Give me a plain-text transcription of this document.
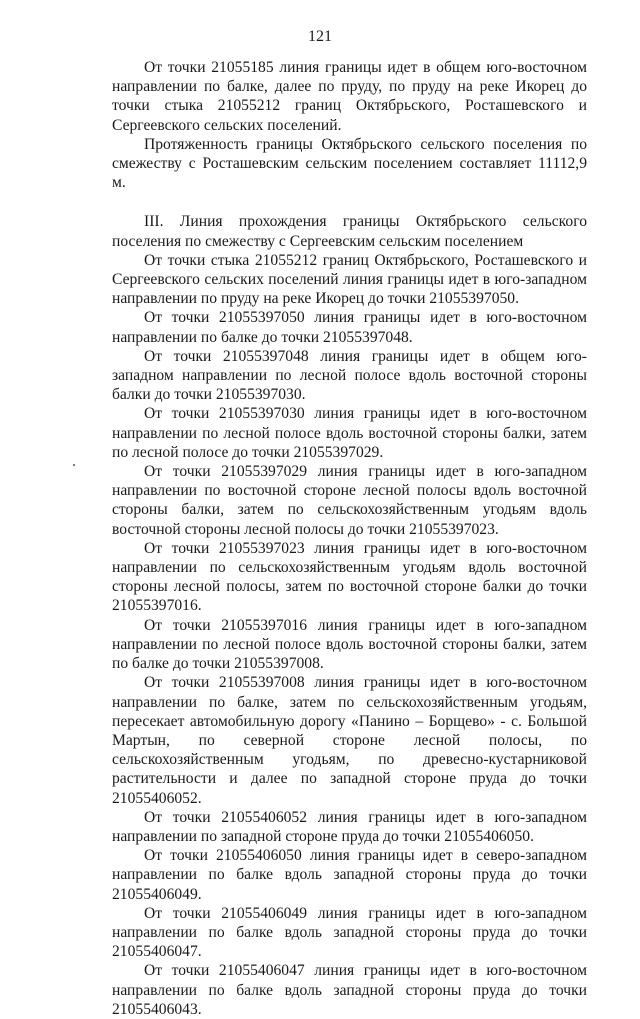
121

От точки 21055185 линия границы идет в общем юго-восточном направлении по балке, далее по пруду, по пруду на реке Икорец до точки стыка 21055212 границ Октябрьского, Росташевского и Сергеевского сельских поселений.

Протяженность границы Октябрьского сельского поселения по смежеству с Росташевским сельским поселением составляет 11112,9 м.

III. Линия прохождения границы Октябрьского сельского поселения по смежеству с Сергеевским сельским поселением

От точки стыка 21055212 границ Октябрьского, Росташевского и Сергеевского сельских поселений линия границы идет в юго-западном направлении по пруду на реке Икорец до точки 21055397050.

От точки 21055397050 линия границы идет в юго-восточном направлении по балке до точки 21055397048.

От точки 21055397048 линия границы идет в общем юго-западном направлении по лесной полосе вдоль восточной стороны балки до точки 21055397030.

От точки 21055397030 линия границы идет в юго-восточном направлении по лесной полосе вдоль восточной стороны балки, затем по лесной полосе до точки 21055397029.

От точки 21055397029 линия границы идет в юго-западном направлении по восточной стороне лесной полосы вдоль восточной стороны балки, затем по сельскохозяйственным угодьям вдоль восточной стороны лесной полосы до точки 21055397023.

От точки 21055397023 линия границы идет в юго-восточном направлении по сельскохозяйственным угодьям вдоль восточной стороны лесной полосы, затем по восточной стороне балки до точки 21055397016.

От точки 21055397016 линия границы идет в юго-западном направлении по лесной полосе вдоль восточной стороны балки, затем по балке до точки 21055397008.

От точки 21055397008 линия границы идет в юго-восточном направлении по балке, затем по сельскохозяйственным угодьям, пересекает автомобильную дорогу «Панино – Борщево» - с. Большой Мартын, по северной стороне лесной полосы, по сельскохозяйственным угодьям, по древесно-кустарниковой растительности и далее по западной стороне пруда до точки 21055406052.

От точки 21055406052 линия границы идет в юго-западном направлении по западной стороне пруда до точки 21055406050.

От точки 21055406050 линия границы идет в северо-западном направлении по балке вдоль западной стороны пруда до точки 21055406049.

От точки 21055406049 линия границы идет в юго-западном направлении по балке вдоль западной стороны пруда до точки 21055406047.

От точки 21055406047 линия границы идет в юго-восточном направлении по балке вдоль западной стороны пруда до точки 21055406043.
